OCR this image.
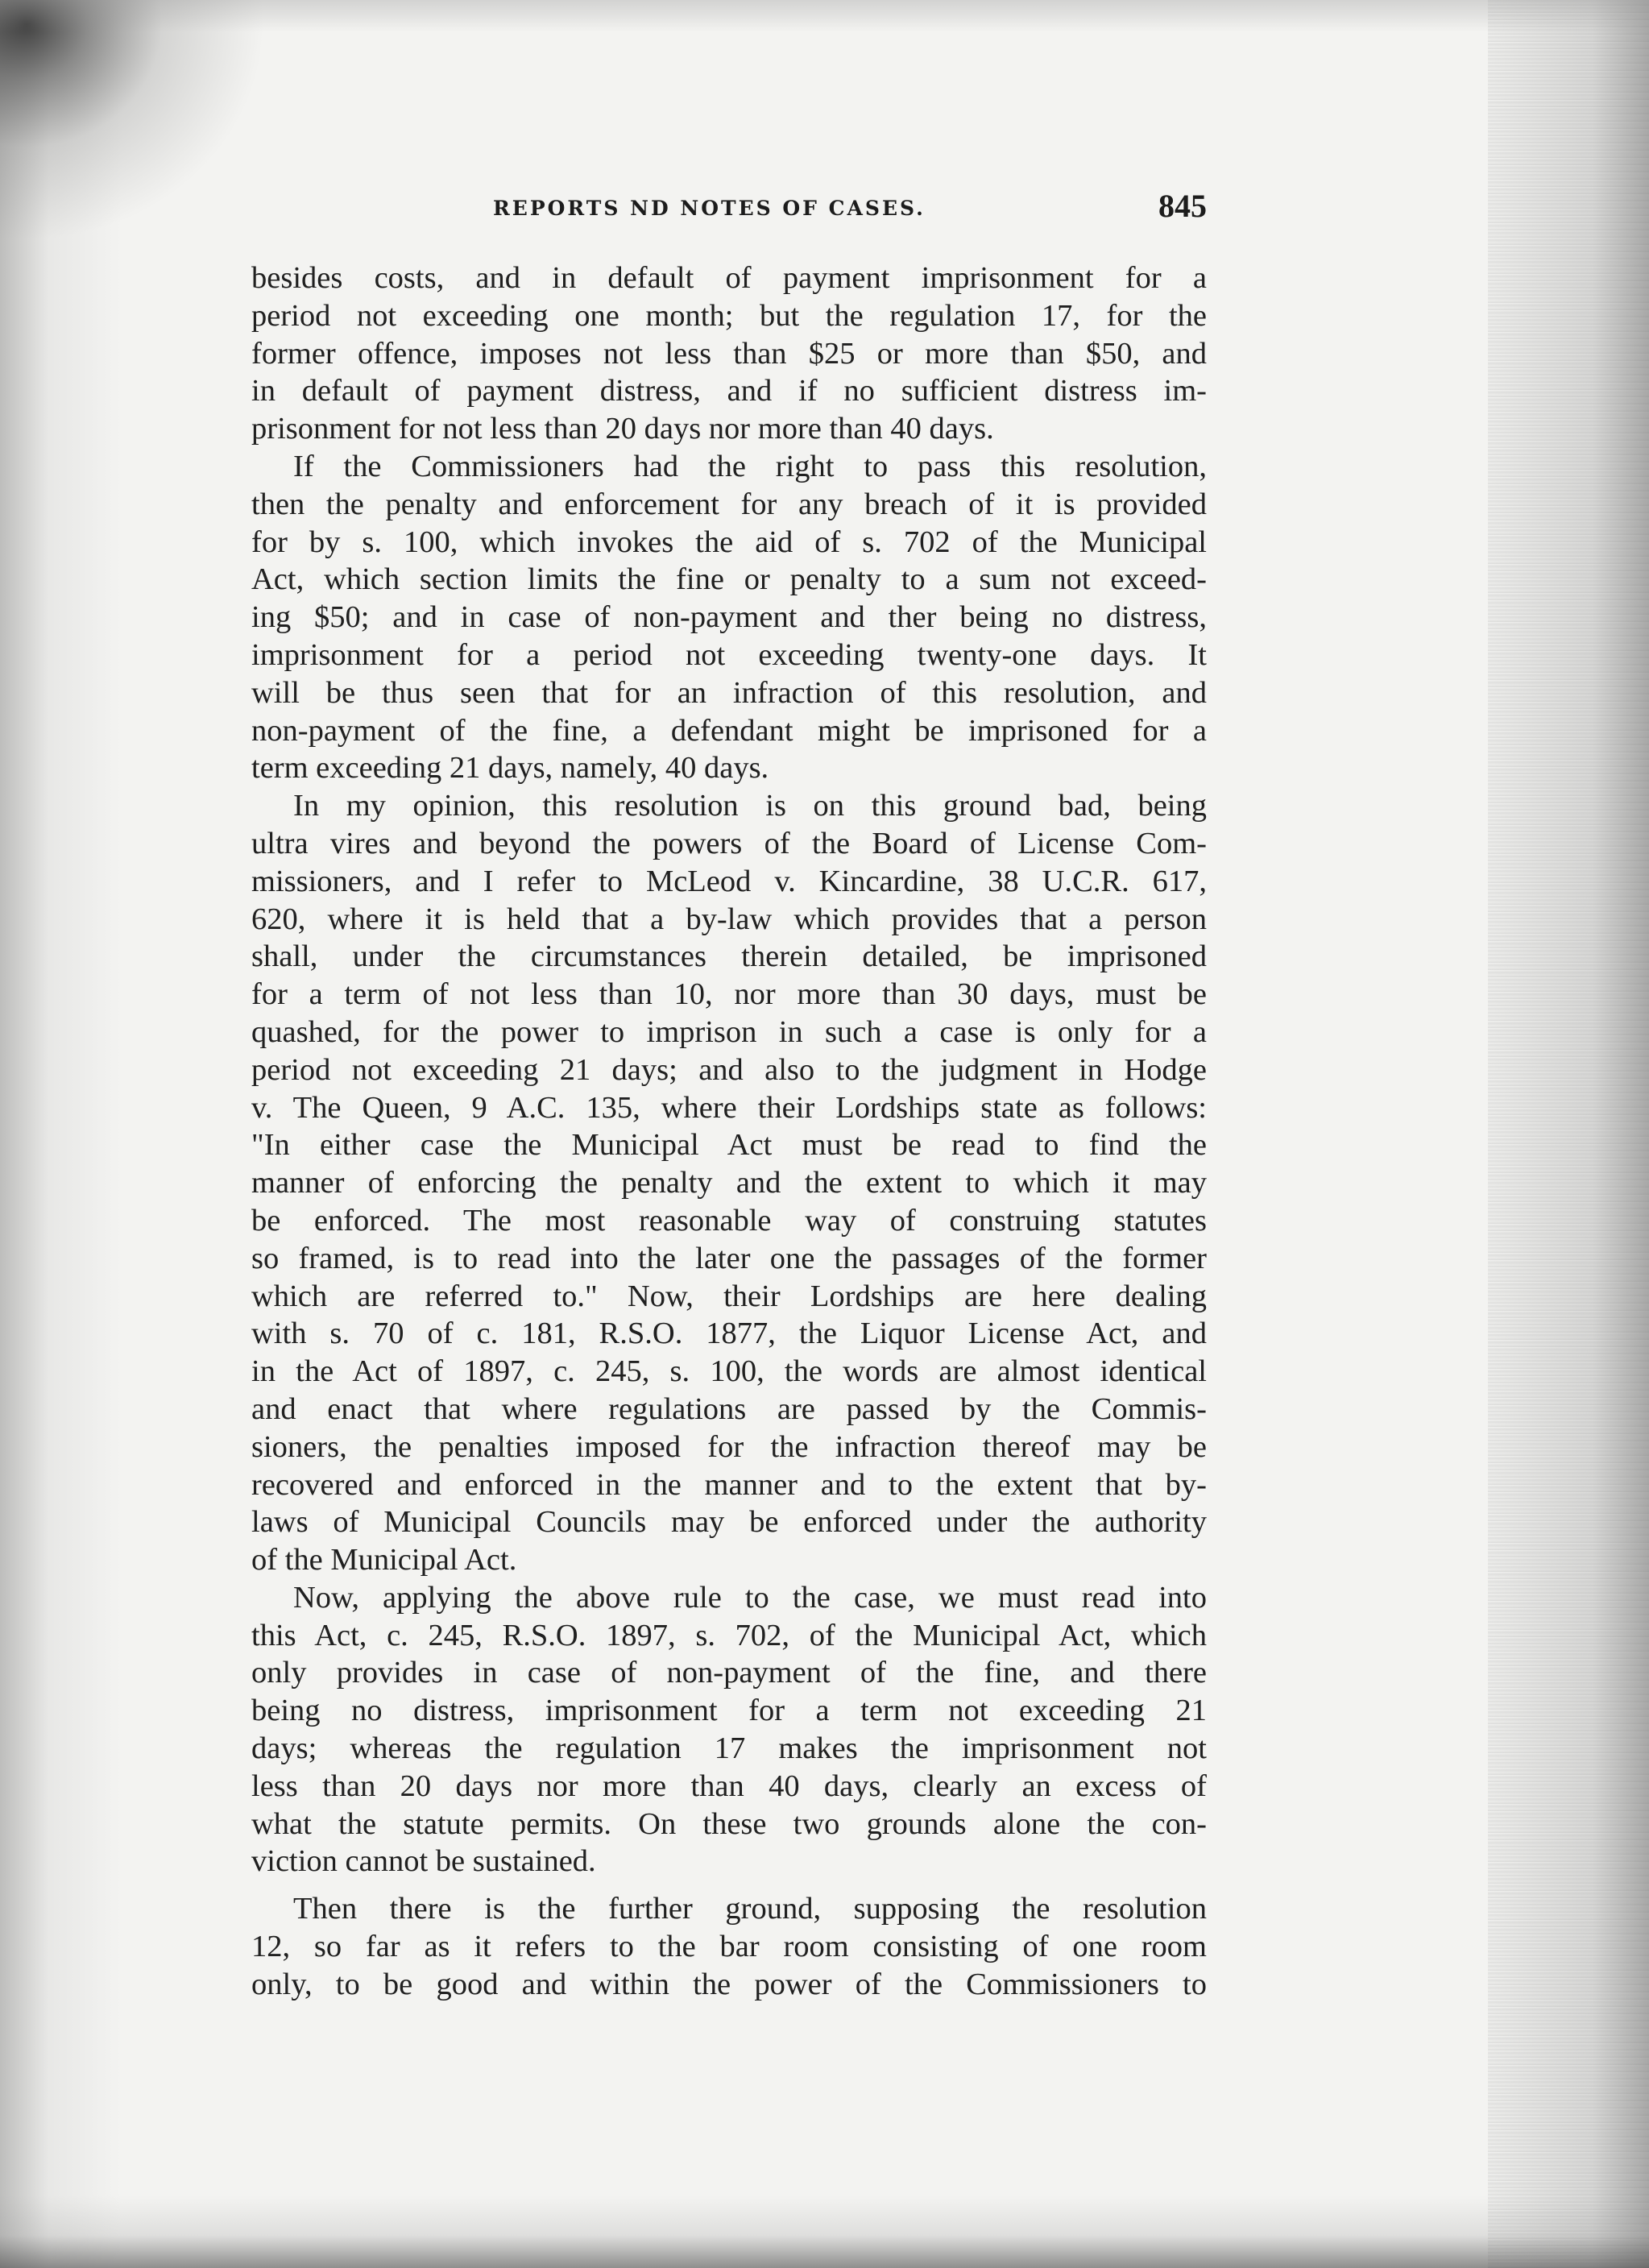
REPORTS ND NOTES OF CASES.	845
besides costs, and in default of payment imprisonment for a
period not exceeding one month; but the regulation 17, for the
former offence, imposes not less than $25 or more than $50, and
in default of payment distress, and if no sufficient distress im-
prisonment for not less than 20 days nor more than 40 days.
If the Commissioners had the right to pass this resolution,
then the penalty and enforcement for any breach of it is provided
for by s. 100, which invokes the aid of s. 702 of the Municipal
Act, which section limits the fine or penalty to a sum not exceed-
ing $50; and in case of non-payment and ther being no distress,
imprisonment for a period not exceeding twenty-one days. It
will be thus seen that for an infraction of this resolution, and
non-payment of the fine, a defendant might be imprisoned for a
term exceeding 21 days, namely, 40 days.
In my opinion, this resolution is on this ground bad, being
ultra vires and beyond the powers of the Board of License Com-
missioners, and I refer to McLeod v. Kincardine, 38 U.C.R. 617,
620, where it is held that a by-law which provides that a person
shall, under the circumstances therein detailed, be imprisoned
for a term of not less than 10, nor more than 30 days, must be
quashed, for the power to imprison in such a case is only for a
period not exceeding 21 days; and also to the judgment in Hodge
v. The Queen, 9 A.C. 135, where their Lordships state as follows:
"In either case the Municipal Act must be read to find the
manner of enforcing the penalty and the extent to which it may
be enforced. The most reasonable way of construing statutes
so framed, is to read into the later one the passages of the former
which are referred to." Now, their Lordships are here dealing
with s. 70 of c. 181, R.S.O. 1877, the Liquor License Act, and
in the Act of 1897, c. 245, s. 100, the words are almost identical
and enact that where regulations are passed by the Commis-
sioners, the penalties imposed for the infraction thereof may be
recovered and enforced in the manner and to the extent that by-
laws of Municipal Councils may be enforced under the authority
of the Municipal Act.
Now, applying the above rule to the case, we must read into
this Act, c. 245, R.S.O. 1897, s. 702, of the Municipal Act, which
only provides in case of non-payment of the fine, and there
being no distress, imprisonment for a term not exceeding 21
days; whereas the regulation 17 makes the imprisonment not
less than 20 days nor more than 40 days, clearly an excess of
what the statute permits. On these two grounds alone the con-
viction cannot be sustained.
Then there is the further ground, supposing the resolution
12, so far as it refers to the bar room consisting of one room
only, to be good and within the power of the Commissioners to
